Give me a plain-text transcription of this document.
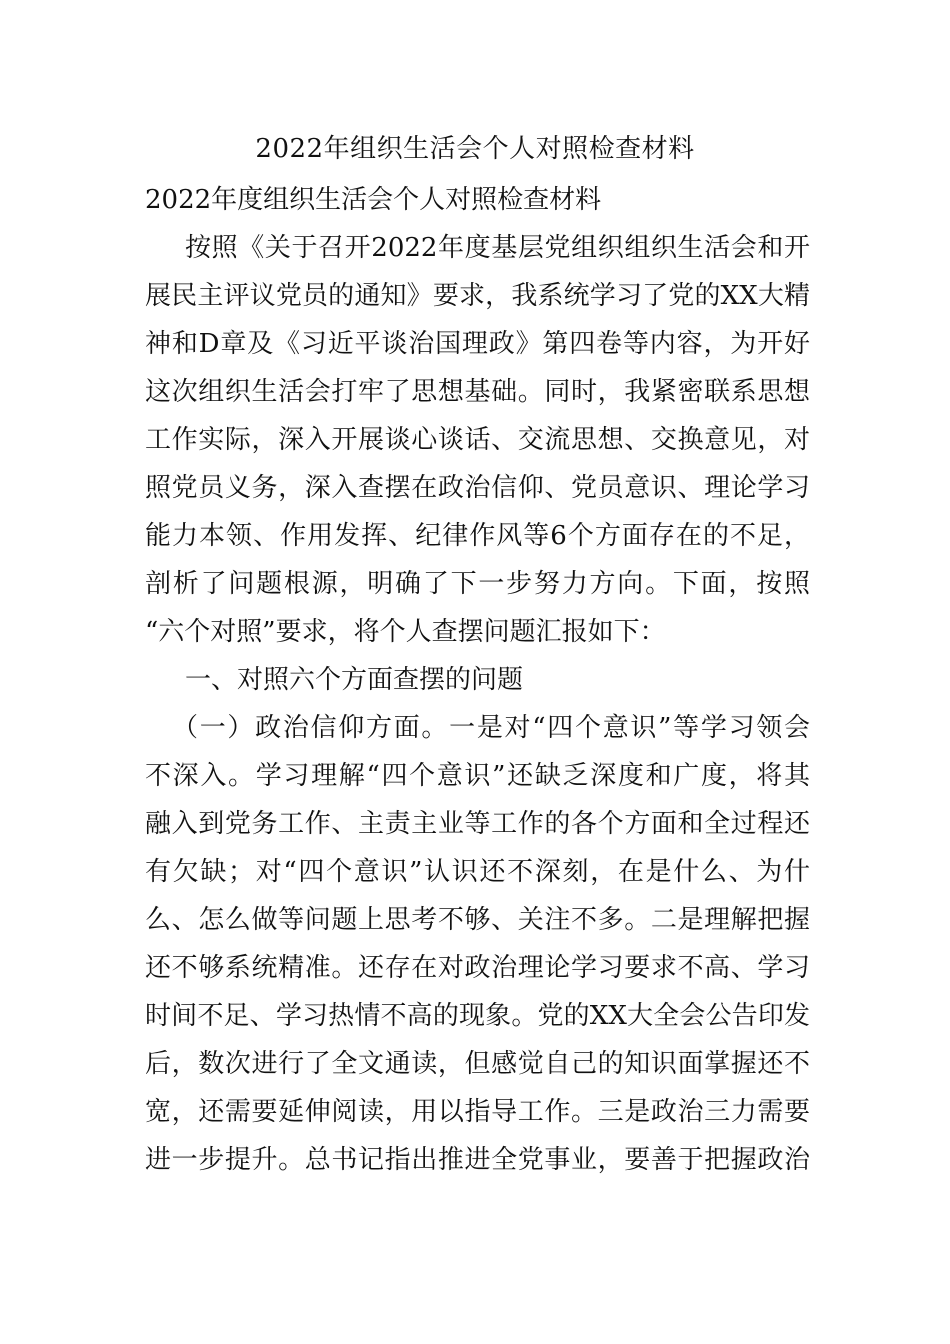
2022年组织生活会个人对照检查材料
2022年度组织生活会个人对照检查材料
按照《关于召开2022年度基层党组织组织生活会和开
展民主评议党员的通知》要求，我系统学习了党的XX大精
神和D章及《习近平谈治国理政》第四卷等内容，为开好
这次组织生活会打牢了思想基础。同时，我紧密联系思想
工作实际，深入开展谈心谈话、交流思想、交换意见，对
照党员义务，深入查摆在政治信仰、党员意识、理论学习
能力本领、作用发挥、纪律作风等6个方面存在的不足，
剖析了问题根源，明确了下一步努力方向。下面，按照
“六个对照”要求，将个人查摆问题汇报如下：
一、对照六个方面查摆的问题
（一）政治信仰方面。一是对“四个意识”等学习领会
不深入。学习理解“四个意识”还缺乏深度和广度，将其
融入到党务工作、主责主业等工作的各个方面和全过程还
有欠缺；对“四个意识”认识还不深刻，在是什么、为什
么、怎么做等问题上思考不够、关注不多。二是理解把握
还不够系统精准。还存在对政治理论学习要求不高、学习
时间不足、学习热情不高的现象。党的XX大全会公告印发
后，数次进行了全文通读，但感觉自己的知识面掌握还不
宽，还需要延伸阅读，用以指导工作。三是政治三力需要
进一步提升。总书记指出推进全党事业，要善于把握政治
